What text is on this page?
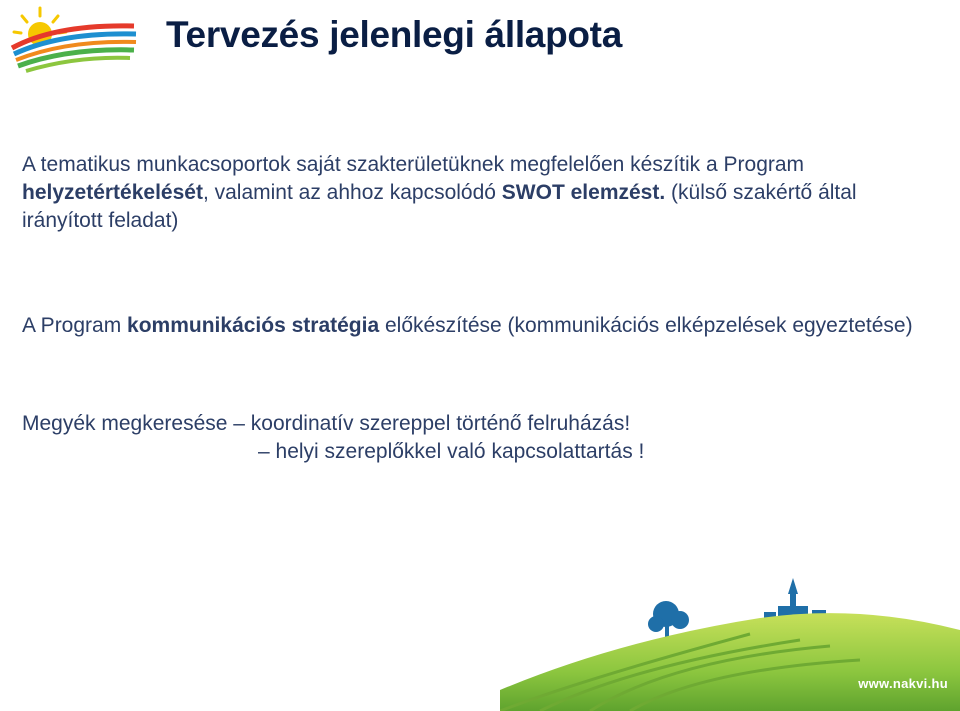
Tervezés jelenlegi állapota

A tematikus munkacsoportok saját szakterületüknek megfelelően készítik a Program helyzetértékelését, valamint az ahhoz kapcsolódó SWOT elemzést. (külső szakértő által irányított feladat)

A Program kommunikációs stratégia előkészítése (kommunikációs elképzelések egyeztetése)

Megyék megkeresése – koordinatív szereppel történő felruházás!
– helyi szereplőkkel való kapcsolattartás !

www.nakvi.hu
